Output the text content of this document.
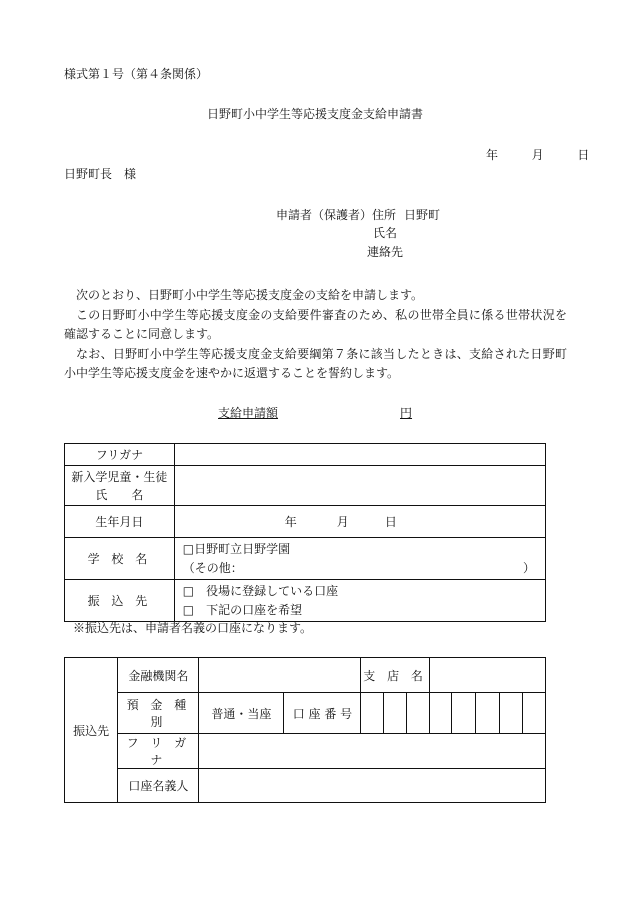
様式第１号（第４条関係）
日野町小中学生等応援支度金支給申請書
年	月	日
日野町長　様
申請者（保護者）住所 日野町
氏名
連絡先

次のとおり、日野町小中学生等応援支度金の支給を申請します。

この日野町小中学生等応援支度金の支給要件審査のため、私の世帯全員に係る世帯状況を確認することに同意します。

なお、日野町小中学生等応援支度金支給要綱第７条に該当したときは、支給された日野町小中学生等応援支度金を速やかに返還することを誓約します。

支給申請額	円
フリガナ	

新入学児童・生徒
氏　　名	

生年月日	年 月 日
学 校 名	□日野町立日野学園
（その他： ）

振 込 先	□　役場に登録している口座
□　下記の口座を希望
※振込先は、申請者名義の口座になります。
振込先	金融機関名			支 店 名							
	預 金 種 別	普通・当座	口 座 番 号								
	フ リ ガ ナ										
	口座名義人										
